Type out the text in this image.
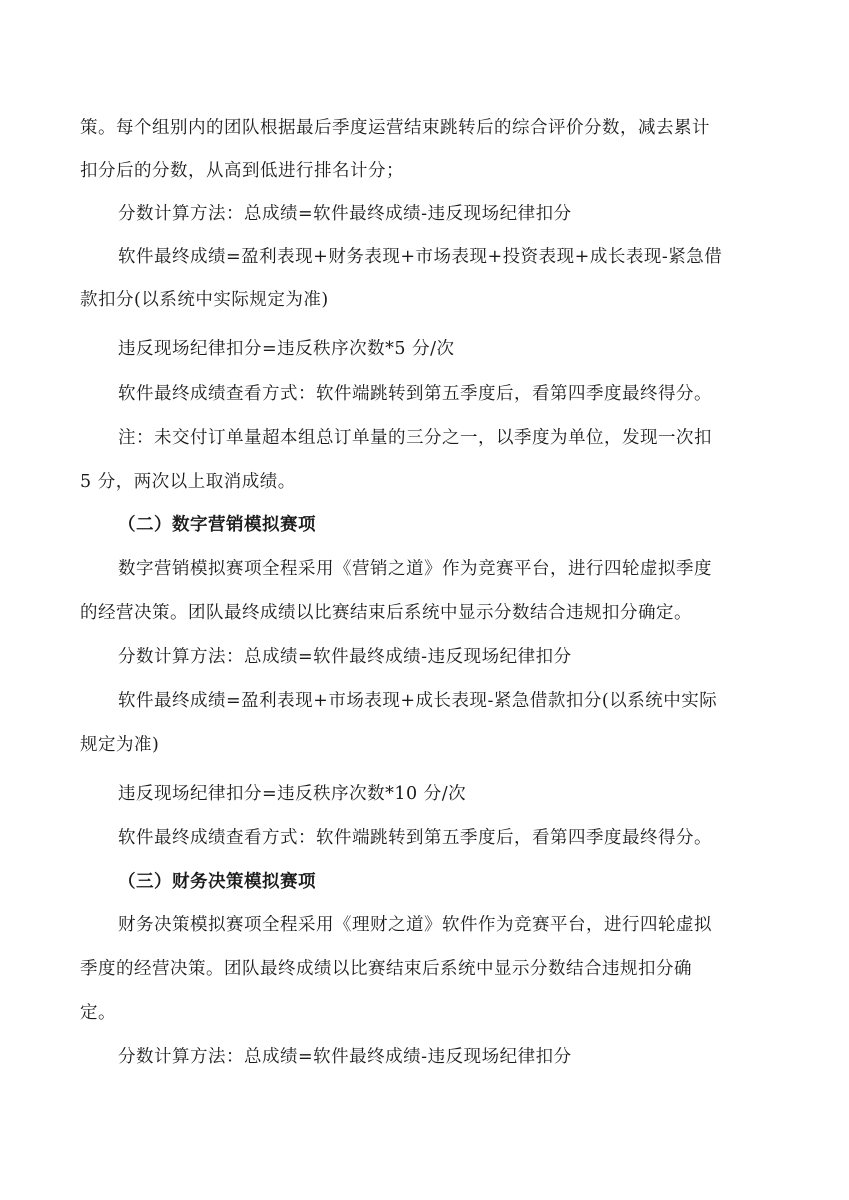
策。每个组别内的团队根据最后季度运营结束跳转后的综合评价分数，减去累计
扣分后的分数，从高到低进行排名计分；
分数计算方法：总成绩=软件最终成绩-违反现场纪律扣分
软件最终成绩=盈利表现+财务表现+市场表现+投资表现+成长表现-紧急借
款扣分(以系统中实际规定为准)
违反现场纪律扣分=违反秩序次数*5 分/次
软件最终成绩查看方式：软件端跳转到第五季度后，看第四季度最终得分。
注：未交付订单量超本组总订单量的三分之一，以季度为单位，发现一次扣
5 分，两次以上取消成绩。
（二）数字营销模拟赛项
数字营销模拟赛项全程采用《营销之道》作为竞赛平台，进行四轮虚拟季度
的经营决策。团队最终成绩以比赛结束后系统中显示分数结合违规扣分确定。
分数计算方法：总成绩=软件最终成绩-违反现场纪律扣分
软件最终成绩=盈利表现+市场表现+成长表现-紧急借款扣分(以系统中实际
规定为准)
违反现场纪律扣分=违反秩序次数*10 分/次
软件最终成绩查看方式：软件端跳转到第五季度后，看第四季度最终得分。
（三）财务决策模拟赛项
财务决策模拟赛项全程采用《理财之道》软件作为竞赛平台，进行四轮虚拟
季度的经营决策。团队最终成绩以比赛结束后系统中显示分数结合违规扣分确
定。
分数计算方法：总成绩=软件最终成绩-违反现场纪律扣分
